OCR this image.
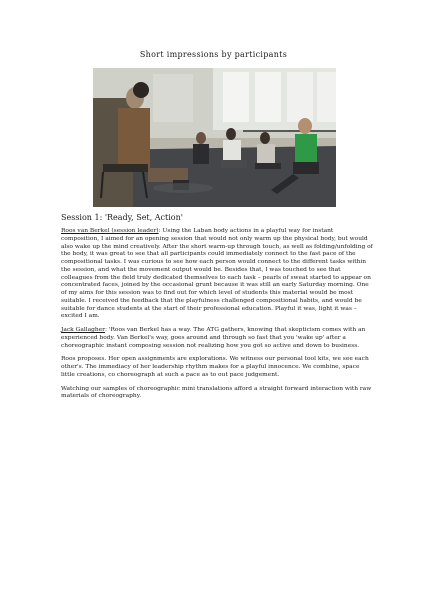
Short impressions by participants
Session 1: 'Ready, Set, Action'

Roos van Berkel (session leader): Using the Laban body actions in a playful way for instant composition, I aimed for an opening session that would not only warm up the physical body, but would also wake up the mind creatively. After the short warm-up through touch, as well as folding/unfolding of the body, it was great to see that all participants could immediately connect to the fast pace of the compositional tasks. I was curious to see how each person would connect to the different tasks within the session, and what the movement output would be. Besides that, I was touched to see that colleagues from the field truly dedicated themselves to each task – pearls of sweat started to appear on concentrated faces, joined by the occasional grunt because it was still an early Saturday morning. One of my aims for this session was to find out for which level of students this material would be most suitable. I received the feedback that the playfulness challenged compositional habits, and would be suitable for dance students at the start of their professional education. Playful it was, light it was – excited I am.

Jack Gallagher: 'Roos van Berkel has a way. The ATG gathers, knowing that skepticism comes with an experienced body. Van Berkel's way, goes around and through so fast that you 'wake up' after a choreographic instant composing session not realizing how you got so active and down to business.

Roos proposes. Her open assignments are explorations. We witness our personal tool kits, we see each other's. The immediacy of her leadership rhythm makes for a playful innocence. We combine, space little creations, co choreograph at such a pace as to out pace judgement.

Watching our samples of choreographic mini translations afford a straight forward interaction with raw materials of choreography.
